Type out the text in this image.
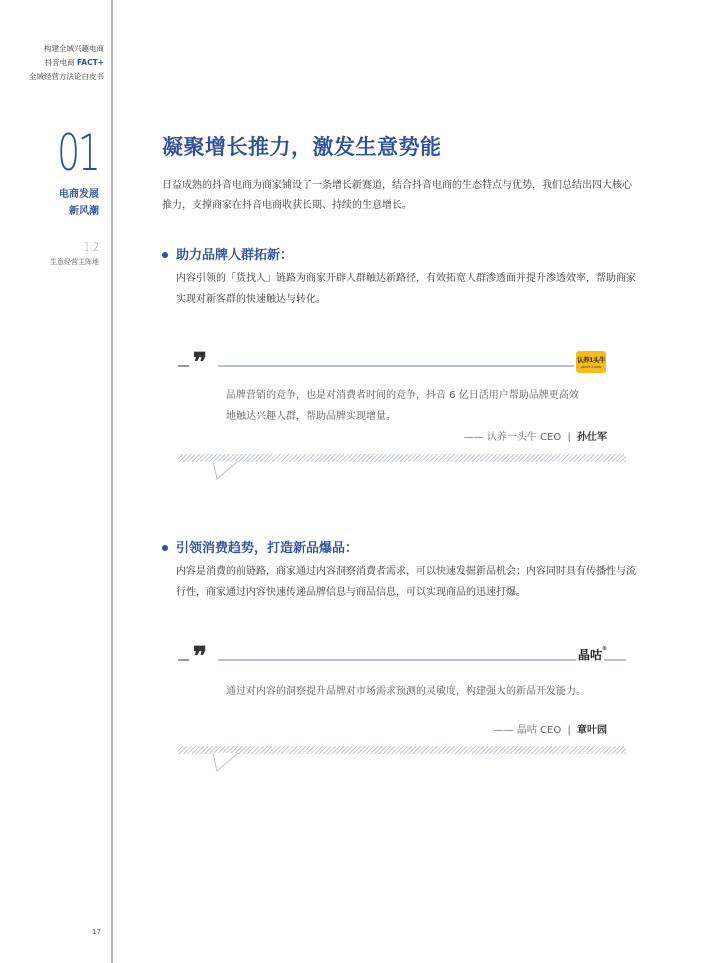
构建全域兴趣电商
抖音电商 FACT+
全域经营方法论白皮书
01
电商发展
新风潮
1.2
生意经营主阵地
17
凝聚增长推力，激发生意势能
日益成熟的抖音电商为商家铺设了一条增长新赛道，结合抖音电商的生态特点与优势，我们总结出四大核心推力，支撑商家在抖音电商收获长期、持续的生意增长。
助力品牌人群拓新：
内容引领的「货找人」链路为商家开辟人群触达新路径，有效拓宽人群渗透面并提升渗透效率，帮助商家实现对新客群的快速触达与转化。
❞	认养1头牛
ADOPT A COW
品牌营销的竞争，也是对消费者时间的竞争，抖音 6 亿日活用户帮助品牌更高效地触达兴趣人群，帮助品牌实现增量。
—— 认养一头牛 CEO | 孙仕军
引领消费趋势，打造新品爆品：
内容是消费的前链路，商家通过内容洞察消费者需求，可以快速发掘新品机会；内容同时具有传播性与流行性，商家通过内容快速传递品牌信息与商品信息，可以实现商品的迅速打爆。
❞	晶咕®
通过对内容的洞察提升品牌对市场需求预测的灵敏度，构建强大的新品开发能力。
—— 晶咕 CEO | 章叶园
